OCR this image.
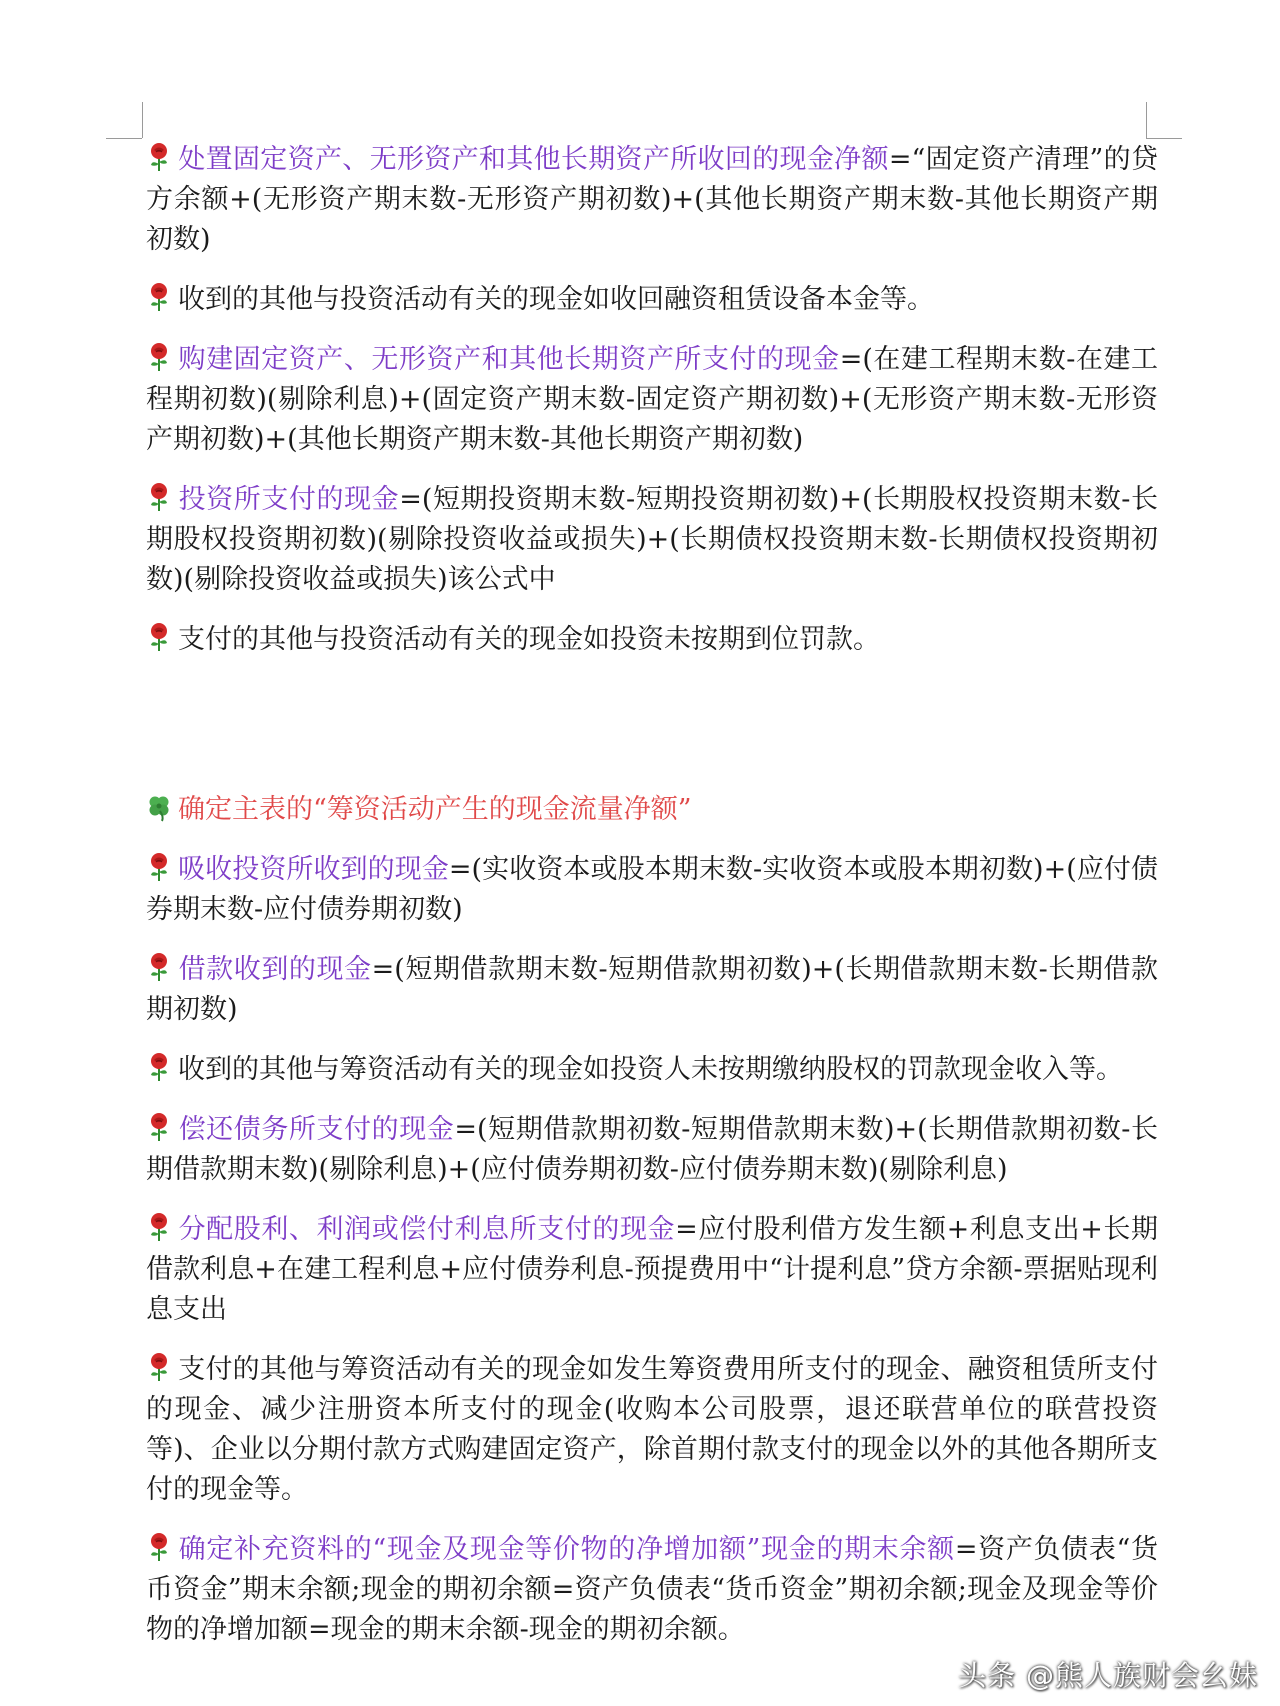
处置固定资产、无形资产和其他长期资产所收回的现金净额=“固定资产清理”的贷方余额+(无形资产期末数-无形资产期初数)+(其他长期资产期末数-其他长期资产期初数)

收到的其他与投资活动有关的现金如收回融资租赁设备本金等。

购建固定资产、无形资产和其他长期资产所支付的现金=(在建工程期末数-在建工程期初数)(剔除利息)+(固定资产期末数-固定资产期初数)+(无形资产期末数-无形资产期初数)+(其他长期资产期末数-其他长期资产期初数)

投资所支付的现金=(短期投资期末数-短期投资期初数)+(长期股权投资期末数-长期股权投资期初数)(剔除投资收益或损失)+(长期债权投资期末数-长期债权投资期初数)(剔除投资收益或损失)该公式中

支付的其他与投资活动有关的现金如投资未按期到位罚款。

确定主表的“筹资活动产生的现金流量净额”

吸收投资所收到的现金=(实收资本或股本期末数-实收资本或股本期初数)+(应付债券期末数-应付债券期初数)

借款收到的现金=(短期借款期末数-短期借款期初数)+(长期借款期末数-长期借款期初数)

收到的其他与筹资活动有关的现金如投资人未按期缴纳股权的罚款现金收入等。

偿还债务所支付的现金=(短期借款期初数-短期借款期末数)+(长期借款期初数-长期借款期末数)(剔除利息)+(应付债券期初数-应付债券期末数)(剔除利息)

分配股利、利润或偿付利息所支付的现金=应付股利借方发生额+利息支出+长期借款利息+在建工程利息+应付债券利息-预提费用中“计提利息”贷方余额-票据贴现利息支出

支付的其他与筹资活动有关的现金如发生筹资费用所支付的现金、融资租赁所支付的现金、减少注册资本所支付的现金(收购本公司股票，退还联营单位的联营投资等)、企业以分期付款方式购建固定资产，除首期付款支付的现金以外的其他各期所支付的现金等。

确定补充资料的“现金及现金等价物的净增加额”现金的期末余额=资产负债表“货币资金”期末余额;现金的期初余额=资产负债表“货币资金”期初余额;现金及现金等价物的净增加额=现金的期末余额-现金的期初余额。

头条 @熊人族财会幺妹
